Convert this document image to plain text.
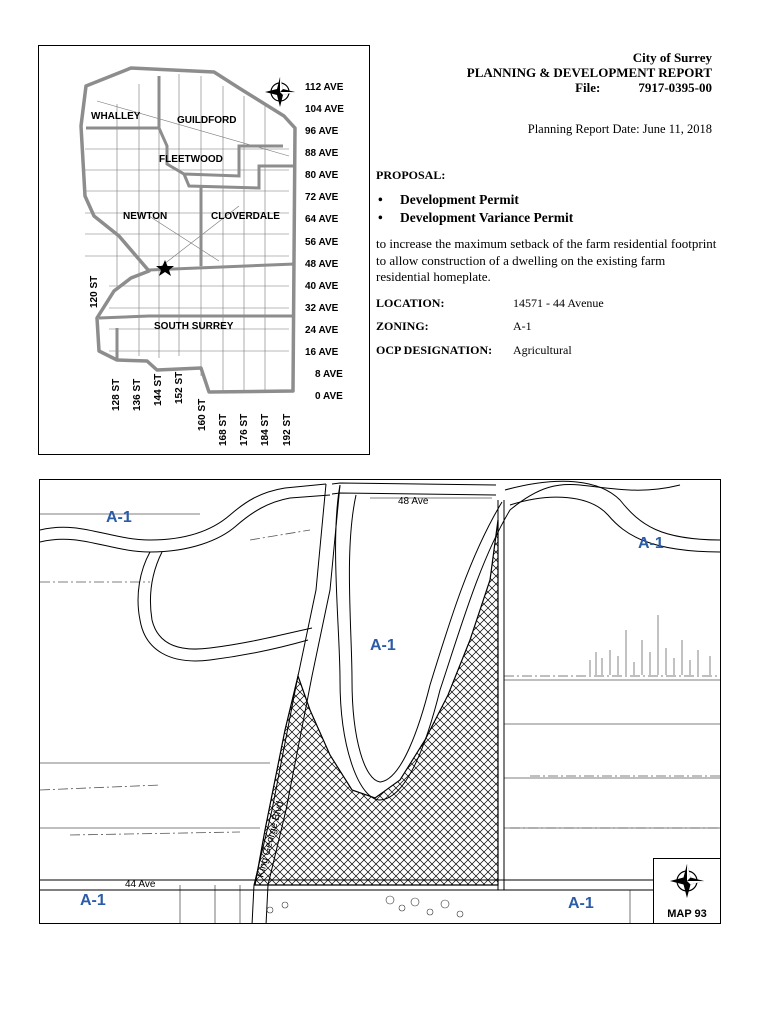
WHALLEY	GUILDFORD
FLEETWOOD
NEWTON	CLOVERDALE
SOUTH SURREY
112 AVE
104 AVE
96 AVE
88 AVE
80 AVE
72 AVE
64 AVE
56 AVE
48 AVE
40 AVE
32 AVE
24 AVE
16 AVE
8 AVE
0 AVE
120 ST
128 ST 136 ST 144 ST 152 ST
160 ST 168 ST 176 ST 184 ST 192 ST
City of Surrey
PLANNING & DEVELOPMENT REPORT
File:	7917-0395-00
Planning Report Date: June 11, 2018
PROPOSAL:
• Development Permit
• Development Variance Permit
to increase the maximum setback of the farm residential footprint to allow construction of a dwelling on the existing farm residential homeplate.
LOCATION:	14571 - 44 Avenue
ZONING:	A-1
OCP DESIGNATION: Agricultural
A-1
A-1
A-1
A-1	A-1
48 Ave
44 Ave
King George Blvd
MAP 93
